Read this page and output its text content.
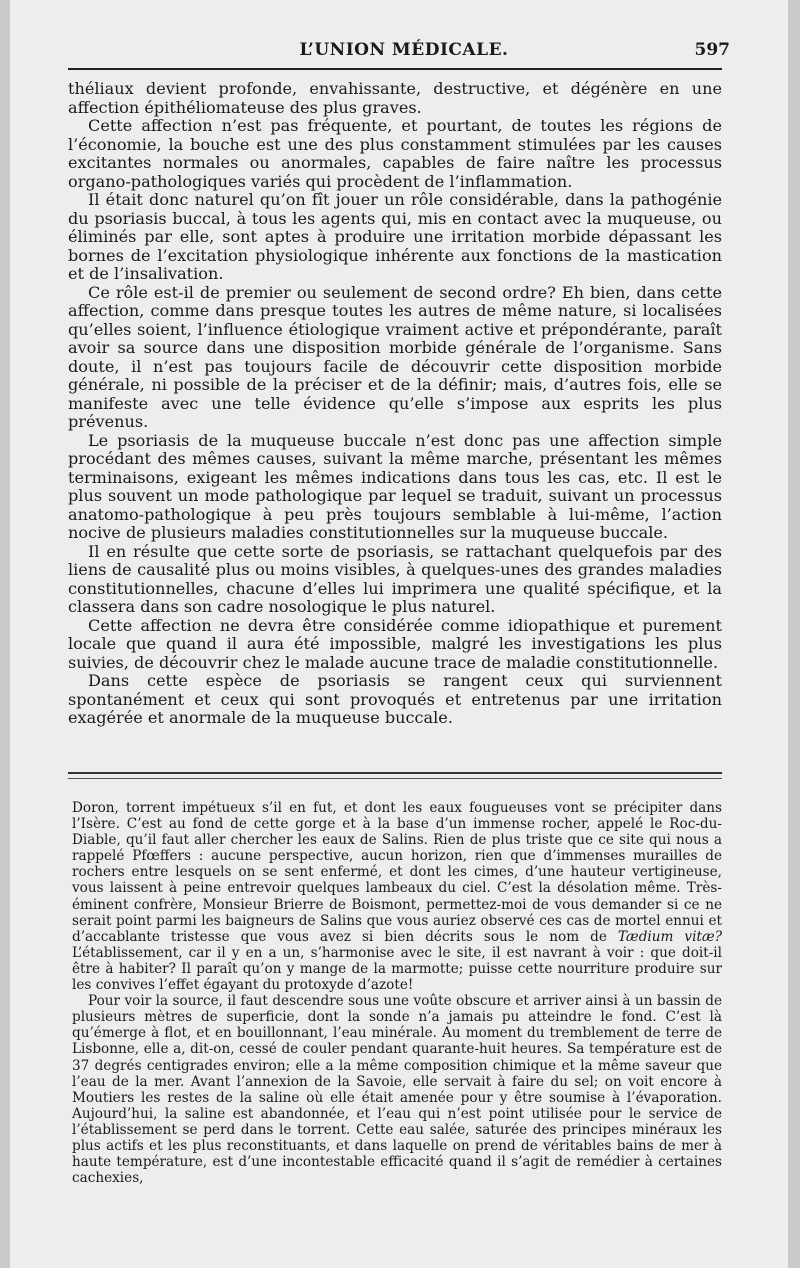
L’UNION MÉDICALE.	597

théliaux devient profonde, envahissante, destructive, et dégénère en une affection épithéliomateuse des plus graves.

Cette affection n’est pas fréquente, et pourtant, de toutes les régions de l’économie, la bouche est une des plus constamment stimulées par les causes excitantes normales ou anormales, capables de faire naître les processus organo-pathologiques variés qui procèdent de l’inflammation.

Il était donc naturel qu’on fît jouer un rôle considérable, dans la pathogénie du psoriasis buccal, à tous les agents qui, mis en contact avec la muqueuse, ou éliminés par elle, sont aptes à produire une irritation morbide dépassant les bornes de l’excitation physiologique inhérente aux fonctions de la mastication et de l’insalivation.

Ce rôle est-il de premier ou seulement de second ordre? Eh bien, dans cette affection, comme dans presque toutes les autres de même nature, si localisées qu’elles soient, l’influence étiologique vraiment active et prépondérante, paraît avoir sa source dans une disposition morbide générale de l’organisme. Sans doute, il n’est pas toujours facile de découvrir cette disposition morbide générale, ni possible de la préciser et de la définir; mais, d’autres fois, elle se manifeste avec une telle évidence qu’elle s’impose aux esprits les plus prévenus.

Le psoriasis de la muqueuse buccale n’est donc pas une affection simple procédant des mêmes causes, suivant la même marche, présentant les mêmes terminaisons, exigeant les mêmes indications dans tous les cas, etc. Il est le plus souvent un mode pathologique par lequel se traduit, suivant un processus anatomo-pathologique à peu près toujours semblable à lui-même, l’action nocive de plusieurs maladies constitutionnelles sur la muqueuse buccale.

Il en résulte que cette sorte de psoriasis, se rattachant quelquefois par des liens de causalité plus ou moins visibles, à quelques-unes des grandes maladies constitutionnelles, chacune d’elles lui imprimera une qualité spécifique, et la classera dans son cadre nosologique le plus naturel.

Cette affection ne devra être considérée comme idiopathique et purement locale que quand il aura été impossible, malgré les investigations les plus suivies, de découvrir chez le malade aucune trace de maladie constitutionnelle.

Dans cette espèce de psoriasis se rangent ceux qui surviennent spontanément et ceux qui sont provoqués et entretenus par une irritation exagérée et anormale de la muqueuse buccale.

Doron, torrent impétueux s’il en fut, et dont les eaux fougueuses vont se précipiter dans l’Isère. C’est au fond de cette gorge et à la base d’un immense rocher, appelé le Roc-du-Diable, qu’il faut aller chercher les eaux de Salins. Rien de plus triste que ce site qui nous a rappelé Pfœffers : aucune perspective, aucun horizon, rien que d’immenses murailles de rochers entre lesquels on se sent enfermé, et dont les cimes, d’une hauteur vertigineuse, vous laissent à peine entrevoir quelques lambeaux du ciel. C’est la désolation même. Très-éminent confrère, Monsieur Brierre de Boismont, permettez-moi de vous demander si ce ne serait point parmi les baigneurs de Salins que vous auriez observé ces cas de mortel ennui et d’accablante tristesse que vous avez si bien décrits sous le nom de Tædium vitæ? L’établissement, car il y en a un, s’harmonise avec le site, il est navrant à voir : que doit-il être à habiter? Il paraît qu’on y mange de la marmotte; puisse cette nourriture produire sur les convives l’effet égayant du protoxyde d’azote!

Pour voir la source, il faut descendre sous une voûte obscure et arriver ainsi à un bassin de plusieurs mètres de superficie, dont la sonde n’a jamais pu atteindre le fond. C’est là qu’émerge à flot, et en bouillonnant, l’eau minérale. Au moment du tremblement de terre de Lisbonne, elle a, dit-on, cessé de couler pendant quarante-huit heures. Sa température est de 37 degrés centigrades environ; elle a la même composition chimique et la même saveur que l’eau de la mer. Avant l’annexion de la Savoie, elle servait à faire du sel; on voit encore à Moutiers les restes de la saline où elle était amenée pour y être soumise à l’évaporation. Aujourd’hui, la saline est abandonnée, et l’eau qui n’est point utilisée pour le service de l’établissement se perd dans le torrent. Cette eau salée, saturée des principes minéraux les plus actifs et les plus reconstituants, et dans laquelle on prend de véritables bains de mer à haute température, est d’une incontestable efficacité quand il s’agit de remédier à certaines cachexies,
